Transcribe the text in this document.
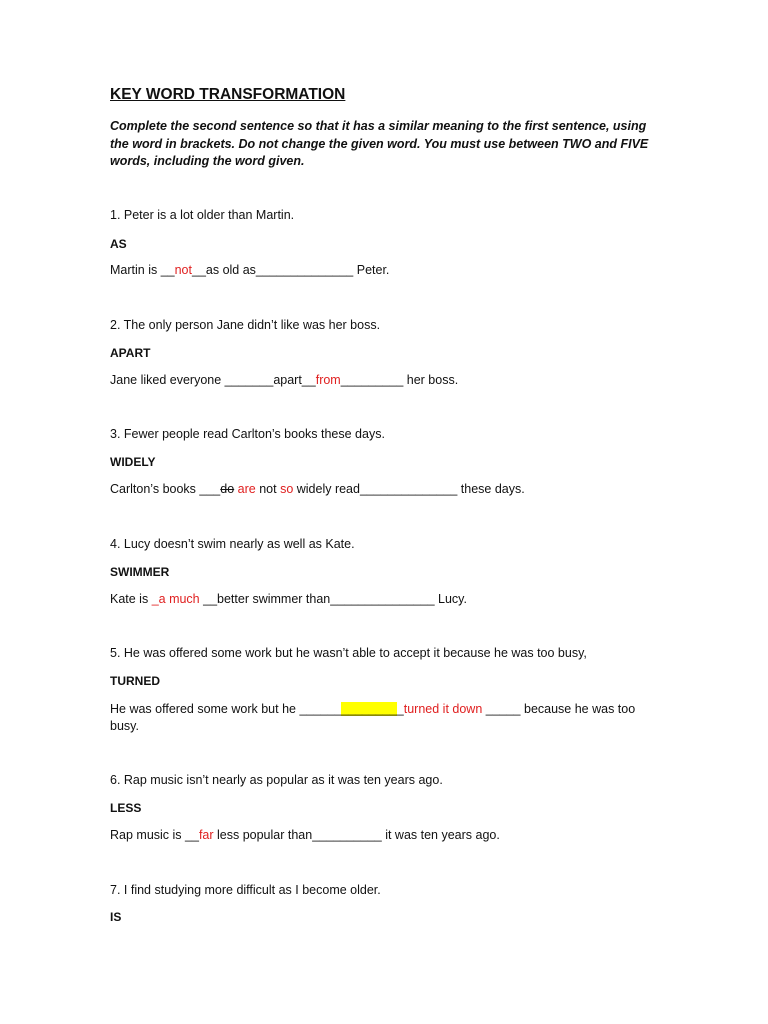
KEY WORD TRANSFORMATION
Complete the second sentence so that it has a similar meaning to the first sentence, using the word in brackets. Do not change the given word. You must use between TWO and FIVE words, including the word given.
1. Peter is a lot older than Martin.
AS
Martin is __not__as old as______________ Peter.
2. The only person Jane didn’t like was her boss.
APART
Jane liked everyone _______apart__from_________ her boss.
3. Fewer people read Carlton’s books these days.
WIDELY
Carlton’s books ___do are not so widely read______________ these days.
4. Lucy doesn’t swim nearly as well as Kate.
SWIMMER
Kate is _a much __better swimmer than_______________ Lucy.
5. He was offered some work but he wasn’t able to accept it because he was too busy,
TURNED
He was offered some work but he _______________turned it down _____ because he was too busy.
6. Rap music isn’t nearly as popular as it was ten years ago.
LESS
Rap music is __far less popular than__________ it was ten years ago.
7. I find studying more difficult as I become older.
IS
